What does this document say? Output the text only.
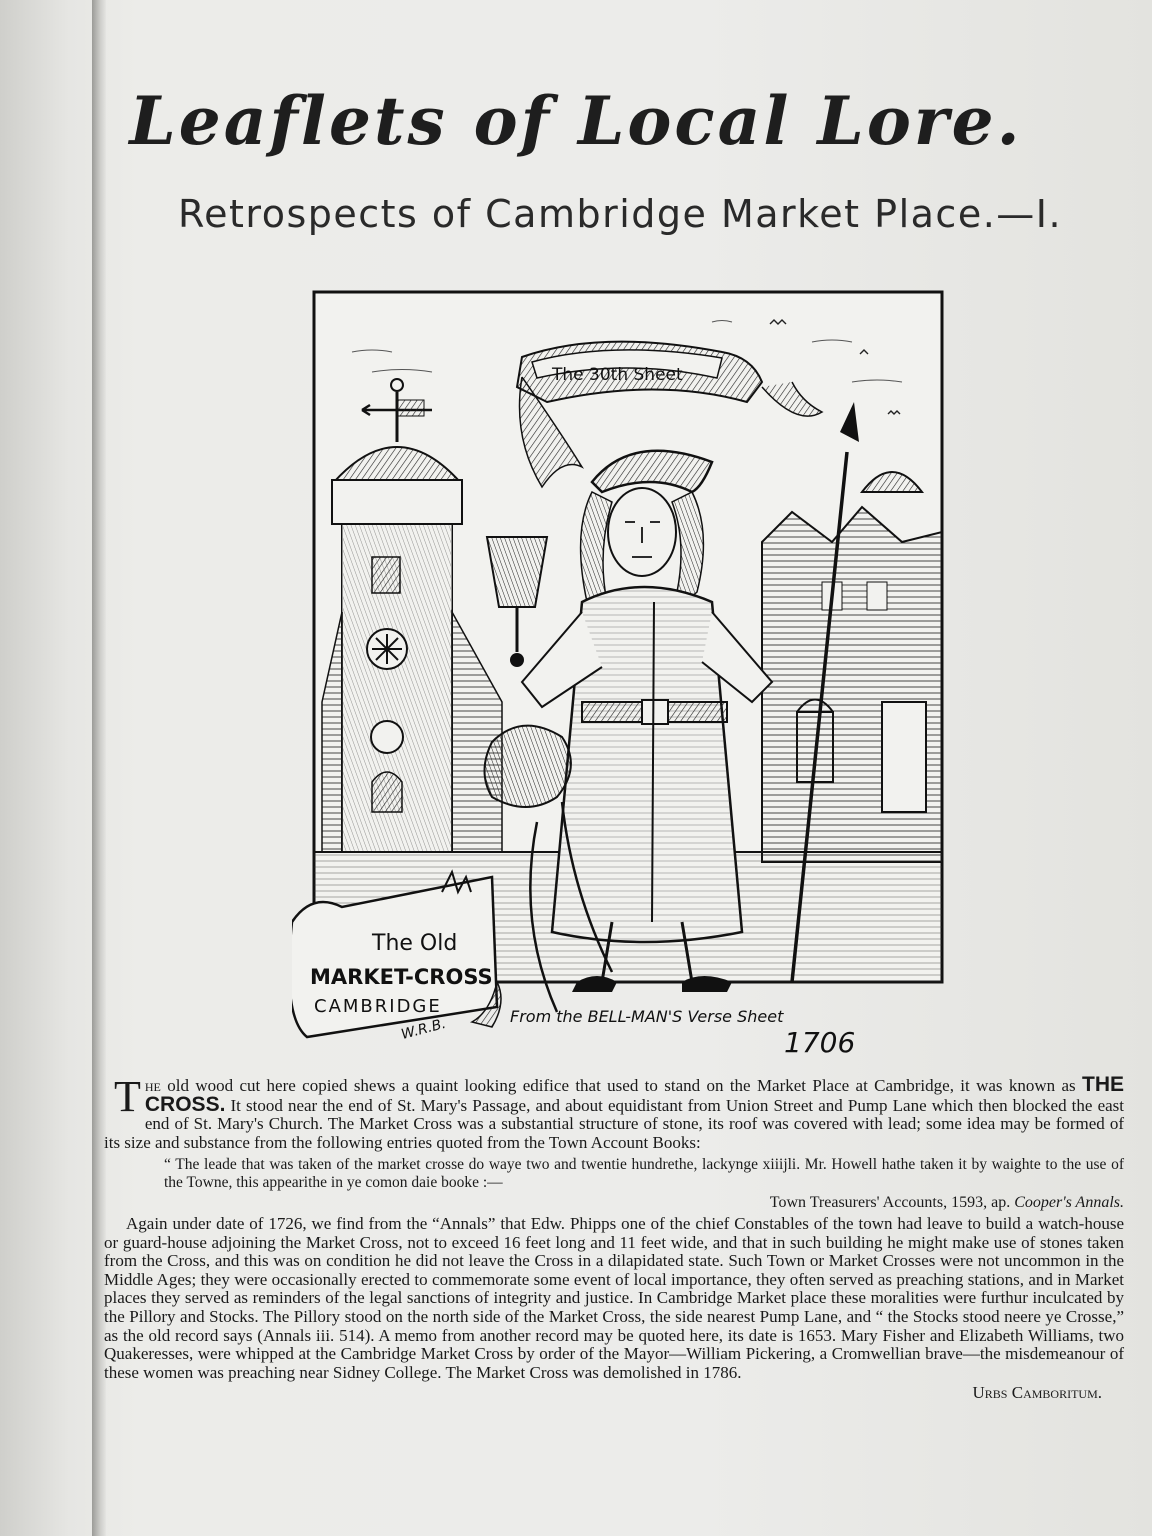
Leaflets of Local Lore.
Retrospects of Cambridge Market Place.—I.
The 30th Sheet
The Old
MARKET-CROSS
CAMBRIDGE
W.R.B.	From the BELL-MAN'S Verse Sheet
1706

T he old wood cut here copied shews a quaint looking edifice that used to stand on the Market Place at Cambridge, it was known as THE CROSS. It stood near the end of St. Mary's Passage, and about equidistant from Union Street and Pump Lane which then blocked the east end of St. Mary's Church. The Market Cross was a substantial structure of stone, its roof was covered with lead; some idea may be formed of its size and substance from the following entries quoted from the Town Account Books:

“ The leade that was taken of the market crosse do waye two and twentie hundrethe, lackynge xiiijli. Mr. Howell hathe taken it by waighte to the use of the Towne, this appearithe in ye comon daie booke :—

Town Treasurers' Accounts, 1593, ap. Cooper's Annals.

Again under date of 1726, we find from the “Annals” that Edw. Phipps one of the chief Constables of the town had leave to build a watch-house or guard-house adjoining the Market Cross, not to exceed 16 feet long and 11 feet wide, and that in such building he might make use of stones taken from the Cross, and this was on condition he did not leave the Cross in a dilapidated state. Such Town or Market Crosses were not uncommon in the Middle Ages; they were occasionally erected to commemorate some event of local importance, they often served as preaching stations, and in Market places they served as reminders of the legal sanctions of integrity and justice. In Cambridge Market place these moralities were furthur inculcated by the Pillory and Stocks. The Pillory stood on the north side of the Market Cross, the side nearest Pump Lane, and “ the Stocks stood neere ye Crosse,” as the old record says (Annals iii. 514). A memo from another record may be quoted here, its date is 1653. Mary Fisher and Elizabeth Williams, two Quakeresses, were whipped at the Cambridge Market Cross by order of the Mayor—William Pickering, a Cromwellian brave—the misdemeanour of these women was preaching near Sidney College. The Market Cross was demolished in 1786.

Urbs Camboritum.
